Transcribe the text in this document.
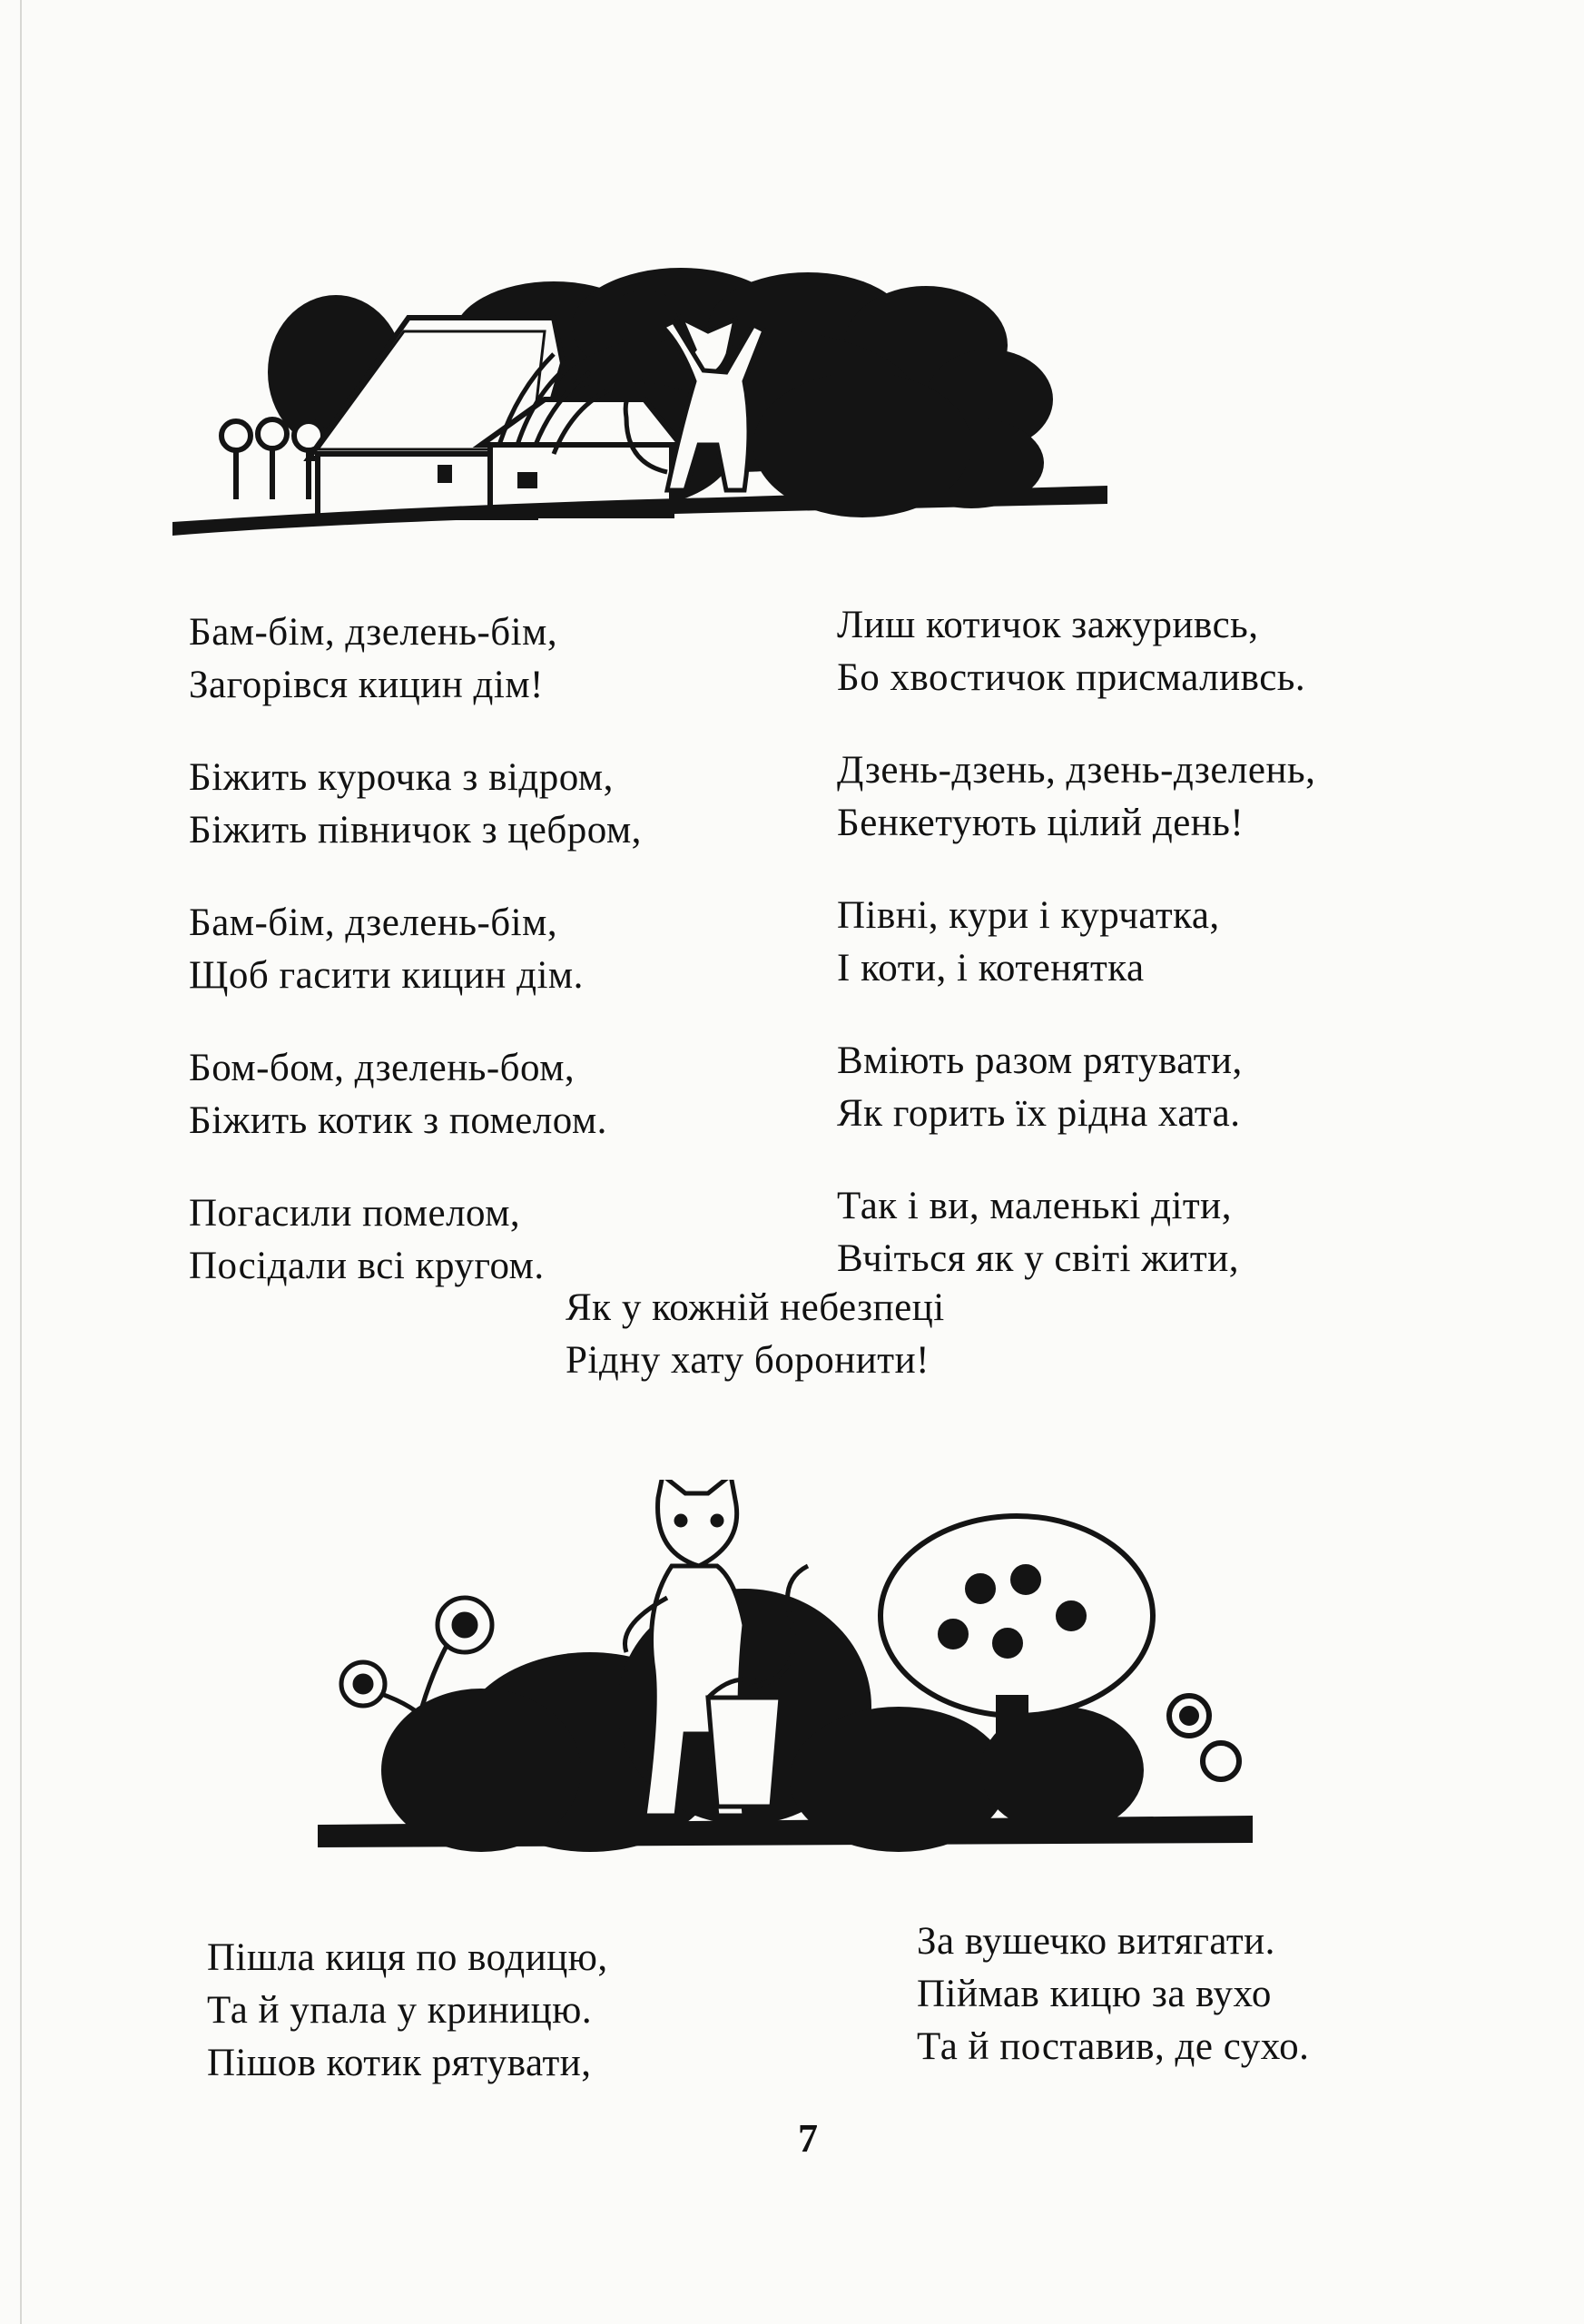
Бам-бім, дзелень-бім,
Загорівся кицин дім!
Біжить курочка з відром,
Біжить півничок з цебром,
Бам-бім, дзелень-бім,
Щоб гасити кицин дім.
Бом-бом, дзелень-бом,
Біжить котик з помелом.
Погасили помелом,
Посідали всі кругом.
Лиш котичок зажуривсь,
Бо хвостичок присмаливсь.
Дзень-дзень, дзень-дзелень,
Бенкетують цілий день!
Півні, кури і курчатка,
І коти, і котенятка
Вміють разом рятувати,
Як горить їх рідна хата.
Так і ви, маленькі діти,
Вчіться як у світі жити,
Як у кожній небезпеці
Рідну хату боронити!
Пішла киця по водицю,
Та й упала у криницю.
Пішов котик рятувати,
За вушечко витягати.
Піймав кицю за вухо
Та й поставив, де сухо.
7
